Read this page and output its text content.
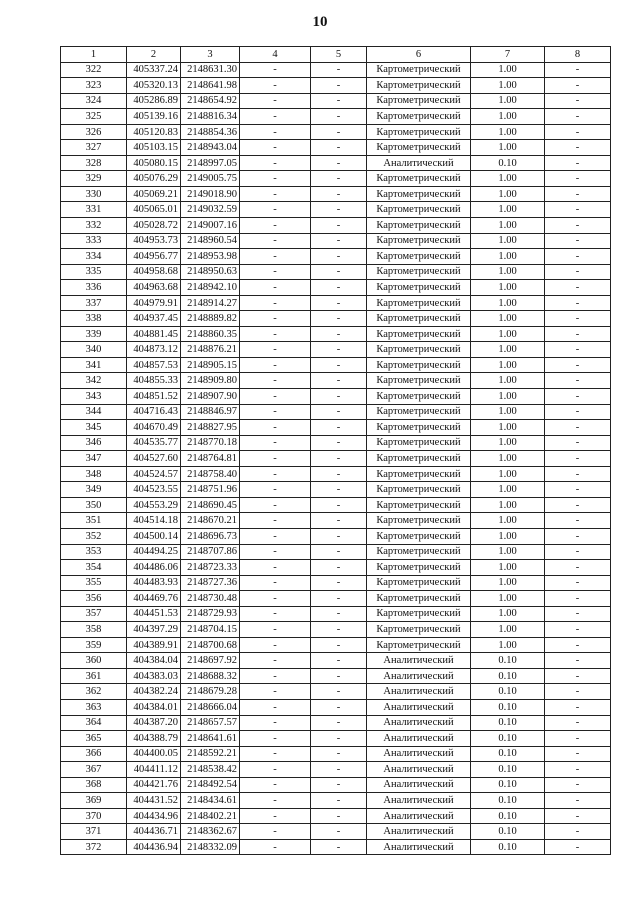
10
1	2	3	4	5	6	7	8
322	405337.24	2148631.30	-	-	Картометрический	1.00	-
323	405320.13	2148641.98	-	-	Картометрический	1.00	-
324	405286.89	2148654.92	-	-	Картометрический	1.00	-
325	405139.16	2148816.34	-	-	Картометрический	1.00	-
326	405120.83	2148854.36	-	-	Картометрический	1.00	-
327	405103.15	2148943.04	-	-	Картометрический	1.00	-
328	405080.15	2148997.05	-	-	Аналитический	0.10	-
329	405076.29	2149005.75	-	-	Картометрический	1.00	-
330	405069.21	2149018.90	-	-	Картометрический	1.00	-
331	405065.01	2149032.59	-	-	Картометрический	1.00	-
332	405028.72	2149007.16	-	-	Картометрический	1.00	-
333	404953.73	2148960.54	-	-	Картометрический	1.00	-
334	404956.77	2148953.98	-	-	Картометрический	1.00	-
335	404958.68	2148950.63	-	-	Картометрический	1.00	-
336	404963.68	2148942.10	-	-	Картометрический	1.00	-
337	404979.91	2148914.27	-	-	Картометрический	1.00	-
338	404937.45	2148889.82	-	-	Картометрический	1.00	-
339	404881.45	2148860.35	-	-	Картометрический	1.00	-
340	404873.12	2148876.21	-	-	Картометрический	1.00	-
341	404857.53	2148905.15	-	-	Картометрический	1.00	-
342	404855.33	2148909.80	-	-	Картометрический	1.00	-
343	404851.52	2148907.90	-	-	Картометрический	1.00	-
344	404716.43	2148846.97	-	-	Картометрический	1.00	-
345	404670.49	2148827.95	-	-	Картометрический	1.00	-
346	404535.77	2148770.18	-	-	Картометрический	1.00	-
347	404527.60	2148764.81	-	-	Картометрический	1.00	-
348	404524.57	2148758.40	-	-	Картометрический	1.00	-
349	404523.55	2148751.96	-	-	Картометрический	1.00	-
350	404553.29	2148690.45	-	-	Картометрический	1.00	-
351	404514.18	2148670.21	-	-	Картометрический	1.00	-
352	404500.14	2148696.73	-	-	Картометрический	1.00	-
353	404494.25	2148707.86	-	-	Картометрический	1.00	-
354	404486.06	2148723.33	-	-	Картометрический	1.00	-
355	404483.93	2148727.36	-	-	Картометрический	1.00	-
356	404469.76	2148730.48	-	-	Картометрический	1.00	-
357	404451.53	2148729.93	-	-	Картометрический	1.00	-
358	404397.29	2148704.15	-	-	Картометрический	1.00	-
359	404389.91	2148700.68	-	-	Картометрический	1.00	-
360	404384.04	2148697.92	-	-	Аналитический	0.10	-
361	404383.03	2148688.32	-	-	Аналитический	0.10	-
362	404382.24	2148679.28	-	-	Аналитический	0.10	-
363	404384.01	2148666.04	-	-	Аналитический	0.10	-
364	404387.20	2148657.57	-	-	Аналитический	0.10	-
365	404388.79	2148641.61	-	-	Аналитический	0.10	-
366	404400.05	2148592.21	-	-	Аналитический	0.10	-
367	404411.12	2148538.42	-	-	Аналитический	0.10	-
368	404421.76	2148492.54	-	-	Аналитический	0.10	-
369	404431.52	2148434.61	-	-	Аналитический	0.10	-
370	404434.96	2148402.21	-	-	Аналитический	0.10	-
371	404436.71	2148362.67	-	-	Аналитический	0.10	-
372	404436.94	2148332.09	-	-	Аналитический	0.10	-
